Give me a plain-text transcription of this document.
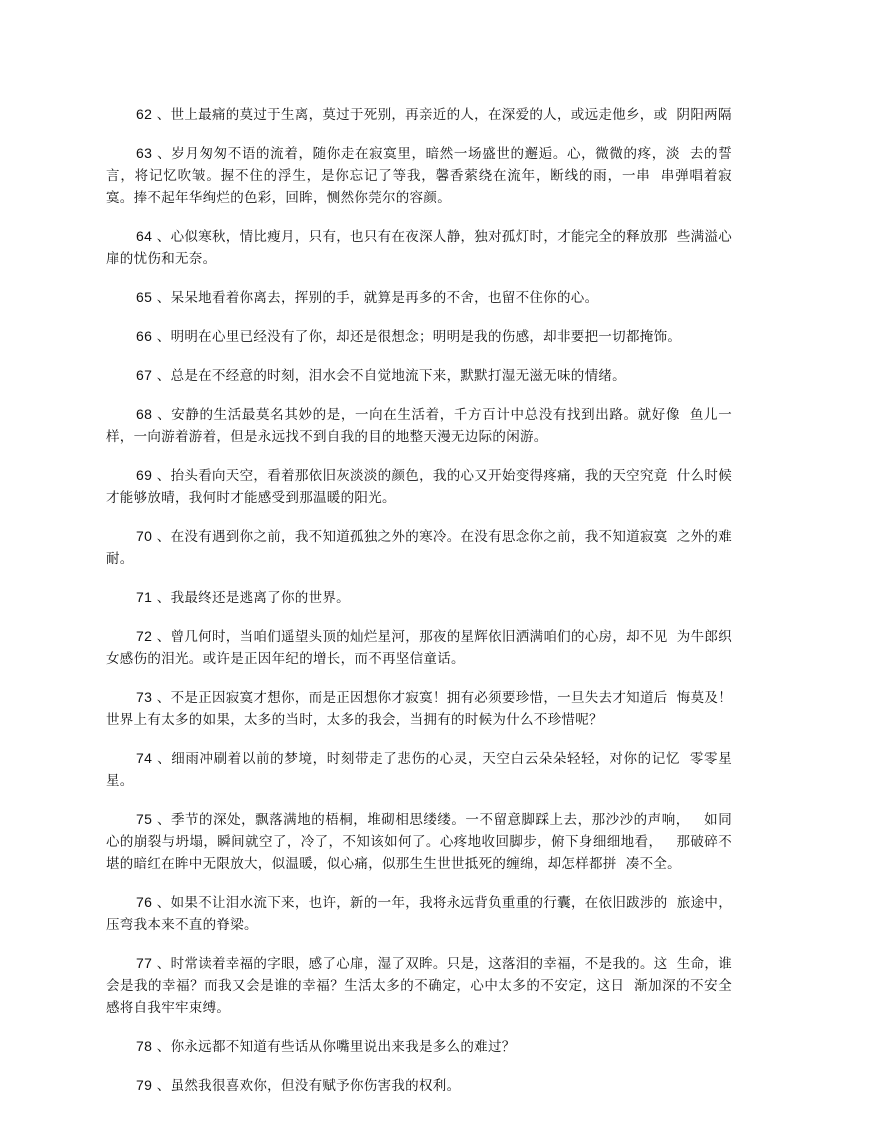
62 、世上最痛的莫过于生离，莫过于死别，再亲近的人，在深爱的人，或远走他乡，或  阴阳两隔

63 、岁月匆匆不语的流着，随你走在寂寞里，暗然一场盛世的邂逅。心，微微的疼，淡  去的誓言，将记忆吹皱。握不住的浮生，是你忘记了等我，馨香萦绕在流年，断线的雨，一串  串弹唱着寂寞。捧不起年华绚烂的色彩，回眸，恻然你莞尔的容颜。

64 、心似寒秋，情比瘦月，只有，也只有在夜深人静，独对孤灯时，才能完全的释放那  些满溢心扉的忧伤和无奈。

65 、呆呆地看着你离去，挥别的手，就算是再多的不舍，也留不住你的心。

66 、明明在心里已经没有了你，却还是很想念；明明是我的伤感，却非要把一切都掩饰。

67 、总是在不经意的时刻，泪水会不自觉地流下来，默默打湿无滋无味的情绪。

68 、安静的生活最莫名其妙的是，一向在生活着，千方百计中总没有找到出路。就好像  鱼儿一样，一向游着游着，但是永远找不到自我的目的地整天漫无边际的闲游。

69 、抬头看向天空，看着那依旧灰淡淡的颜色，我的心又开始变得疼痛，我的天空究竟  什么时候才能够放晴，我何时才能感受到那温暖的阳光。

70 、在没有遇到你之前，我不知道孤独之外的寒冷。在没有思念你之前，我不知道寂寞  之外的难耐。

71 、我最终还是逃离了你的世界。

72 、曾几何时，当咱们遥望头顶的灿烂星河，那夜的星辉依旧洒满咱们的心房，却不见  为牛郎织女感伤的泪光。或许是正因年纪的增长，而不再坚信童话。

73 、不是正因寂寞才想你，而是正因想你才寂寞！拥有必须要珍惜，一旦失去才知道后  悔莫及！世界上有太多的如果，太多的当时，太多的我会，当拥有的时候为什么不珍惜呢？

74 、细雨冲刷着以前的梦境，时刻带走了悲伤的心灵，天空白云朵朵轻轻，对你的记忆  零零星星。

75 、季节的深处，飘落满地的梧桐，堆砌相思缕缕。一不留意脚踩上去，那沙沙的声响，   如同心的崩裂与坍塌，瞬间就空了，冷了，不知该如何了。心疼地收回脚步，俯下身细细地看，   那破碎不堪的暗红在眸中无限放大，似温暖，似心痛，似那生生世世抵死的缠绵，却怎样都拼  凑不全。

76 、如果不让泪水流下来，也许，新的一年，我将永远背负重重的行囊，在依旧跋涉的  旅途中，压弯我本来不直的脊梁。

77 、时常读着幸福的字眼，感了心扉，湿了双眸。只是，这落泪的幸福，不是我的。这  生命，谁会是我的幸福？而我又会是谁的幸福？生活太多的不确定，心中太多的不安定，这日  渐加深的不安全感将自我牢牢束缚。

78 、你永远都不知道有些话从你嘴里说出来我是多么的难过？

79 、虽然我很喜欢你，但没有赋予你伤害我的权利。
